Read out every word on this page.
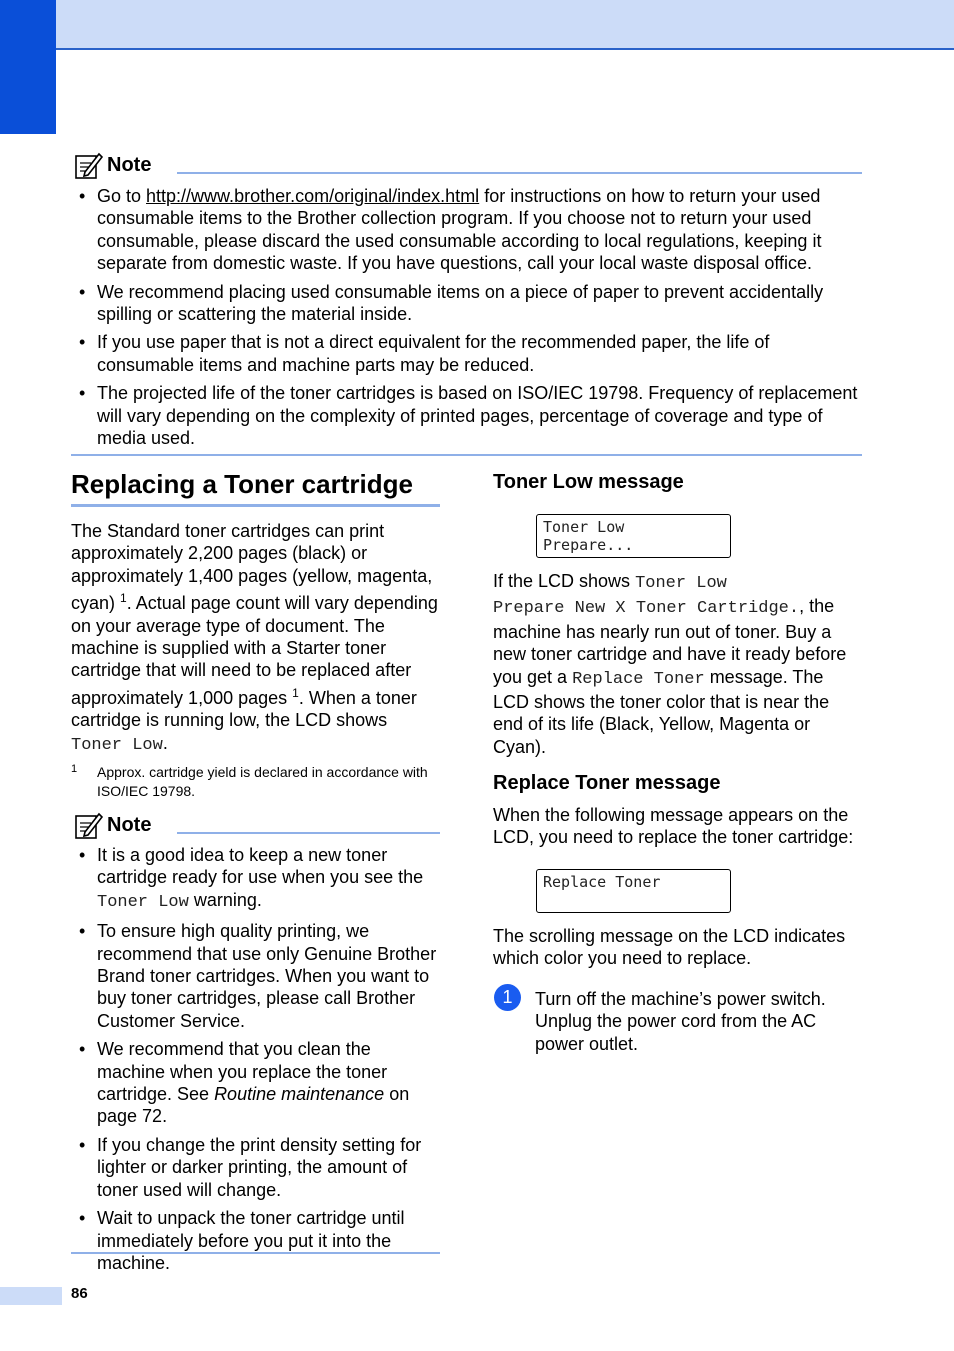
Note
• Go to http://www.brother.com/original/index.html for instructions on how to return your used consumable items to the Brother collection program. If you choose not to return your used consumable, please discard the used consumable according to local regulations, keeping it separate from domestic waste. If you have questions, call your local waste disposal office.
• We recommend placing used consumable items on a piece of paper to prevent accidentally spilling or scattering the material inside.
• If you use paper that is not a direct equivalent for the recommended paper, the life of consumable items and machine parts may be reduced.
• The projected life of the toner cartridges is based on ISO/IEC 19798. Frequency of replacement will vary depending on the complexity of printed pages, percentage of coverage and type of media used.
Replacing a Toner cartridge
The Standard toner cartridges can print approximately 2,200 pages (black) or approximately 1,400 pages (yellow, magenta, cyan) $^1$. Actual page count will vary depending on your average type of document. The machine is supplied with a Starter toner cartridge that will need to be replaced after approximately 1,000 pages $^1$. When a toner cartridge is running low, the LCD shows Toner Low.
1 Approx. cartridge yield is declared in accordance with ISO/IEC 19798.
Note
• It is a good idea to keep a new toner cartridge ready for use when you see the Toner Low warning.
• To ensure high quality printing, we recommend that use only Genuine Brother Brand toner cartridges. When you want to buy toner cartridges, please call Brother Customer Service.
• We recommend that you clean the machine when you replace the toner cartridge. See Routine maintenance on page 72.
• If you change the print density setting for lighter or darker printing, the amount of toner used will change.
• Wait to unpack the toner cartridge until immediately before you put it into the machine.
Toner Low message
Toner Low
Prepare...
If the LCD shows Toner Low
Prepare New X Toner Cartridge., the machine has nearly run out of toner. Buy a new toner cartridge and have it ready before you get a Replace Toner message. The LCD shows the toner color that is near the end of its life (Black, Yellow, Magenta or Cyan).
Replace Toner message
When the following message appears on the LCD, you need to replace the toner cartridge:
Replace Toner
The scrolling message on the LCD indicates which color you need to replace.
1	Turn off the machine’s power switch. Unplug the power cord from the AC power outlet.
86
